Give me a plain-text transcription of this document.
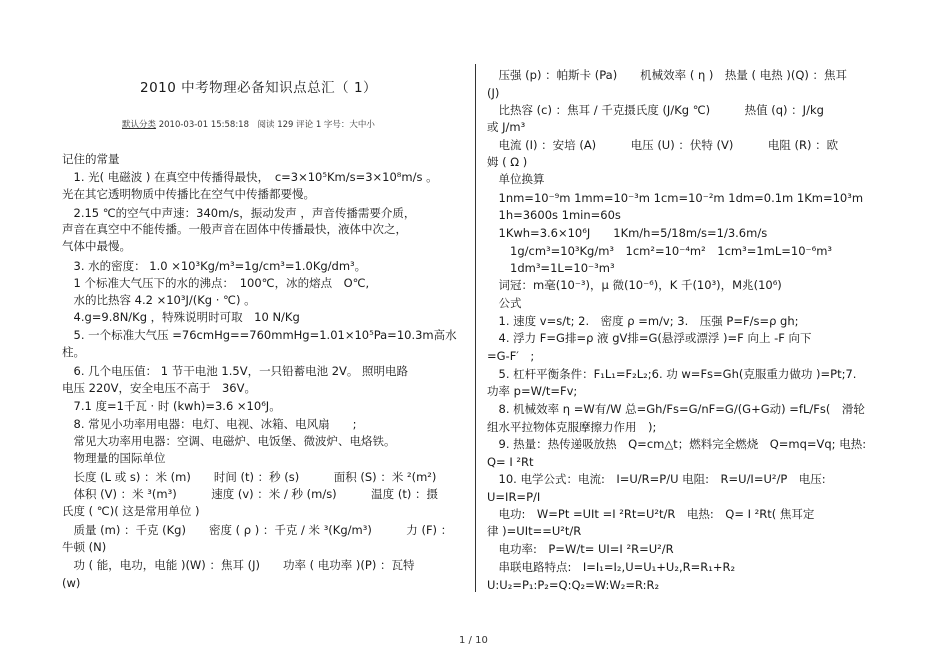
2010 中考物理必备知识点总汇（ 1）
默认分类 2010-03-01 15:58:18　阅读 129 评论 1 字号：大中小
记住的常量
　1. 光( 电磁波 ) 在真空中传播得最快，　c=3×10⁵Km/s=3×10⁸m/s 。
光在其它透明物质中传播比在空气中传播都要慢。
　2.15 ℃的空气中声速：340m/s，振动发声 ，声音传播需要介质，
声音在真空中不能传播。一般声音在固体中传播最快，液体中次之，
气体中最慢。
　3. 水的密度： 1.0 ×10³Kg/m³=1g/cm³=1.0Kg/dm³。
　1 个标准大气压下的水的沸点：　100℃，冰的熔点　O℃,
　水的比热容 4.2 ×10³J/(Kg · ℃) 。
　4.g=9.8N/Kg ，特殊说明时可取　10 N/Kg
　5. 一个标准大气压 =76cmHg==760mmHg=1.01×10⁵Pa=10.3m高水
柱。
　6. 几个电压值： 1 节干电池 1.5V，一只铅蓄电池 2V。 照明电路
电压 220V，安全电压不高于　36V。
　7.1 度=1千瓦 · 时 (kwh)=3.6 ×10⁶J。
　8. 常见小功率用电器：电灯、电视、冰箱、电风扇　　;
　常见大功率用电器：空调、电磁炉、电饭堡、微波炉、电烙铁。
　物理量的国际单位
　长度 (L 或 s) ：米 (m)　　时间 (t) ：秒 (s)　　　面积 (S) ：米 ²(m²)
　体积 (V) ：米 ³(m³)　　　速度 (v) ：米 / 秒 (m/s)　　　温度 (t) ：摄
氏度 ( ℃)( 这是常用单位 )
　质量 (m) ：千克 (Kg)　　密度 ( ρ ) ：千克 / 米 ³(Kg/m³)　　　力 (F) ：
牛顿 (N)
　功 ( 能，电功，电能 )(W) ：焦耳 (J)　　功率 ( 电功率 )(P) ：瓦特
(w)
　压强 (p) ：帕斯卡 (Pa)　　机械效率 ( η )　热量 ( 电热 )(Q) ：焦耳
(J)
　比热容 (c) ：焦耳 / 千克摄氏度 (J/Kg ℃)　　　热值 (q) ：J/kg
或 J/m³
　电流 (I) ：安培 (A)　　　电压 (U) ：伏特 (V)　　　电阻 (R) ：欧
姆 ( Ω )
　单位换算
　1nm=10⁻⁹m 1mm=10⁻³m 1cm=10⁻²m 1dm=0.1m 1Km=10³m
　1h=3600s 1min=60s
　1Kwh=3.6×10⁶J　　1Km/h=5/18m/s=1/3.6m/s
　　1g/cm³=10³Kg/m³　1cm²=10⁻⁴m²　1cm³=1mL=10⁻⁶m³
　　1dm³=1L=10⁻³m³
　词冠：m毫(10⁻³)，μ 微(10⁻⁶)，K 千(10³)，M兆(10⁶)
　公式
　1. 速度 v=s/t; 2.　密度 ρ =m/v; 3.　压强 P=F/s=ρ gh;
　4. 浮力 F=G排=ρ 液 gV排=G(悬浮或漂浮 )=F 向上 -F 向下
=G-F′　;
　5. 杠杆平衡条件：F₁L₁=F₂L₂;6. 功 w=Fs=Gh(克服重力做功 )=Pt;7.
功率 p=W/t=Fv;
　8. 机械效率 η =W有/W 总=Gh/Fs=G/nF=G/(G+G动) =fL/Fs(　滑轮
组水平拉物体克服摩擦力作用　);
　9. 热量：热传递吸放热　Q=cm△t；燃料完全燃烧　Q=mq=Vq; 电热:
Q= I ²Rt
　10. 电学公式：电流:　I=U/R=P/U 电阻:　R=U/I=U²/P　电压:
U=IR=P/I
　电功:　W=Pt =UIt =I ²Rt=U²t/R　电热:　Q= I ²Rt( 焦耳定
律 )=UIt==U²t/R
　电功率:　P=W/t= UI=I ²R=U²/R
　串联电路特点:　I=I₁=I₂,U=U₁+U₂,R=R₁+R₂
U:U₂=P₁:P₂=Q:Q₂=W:W₂=R:R₂
1 / 10
